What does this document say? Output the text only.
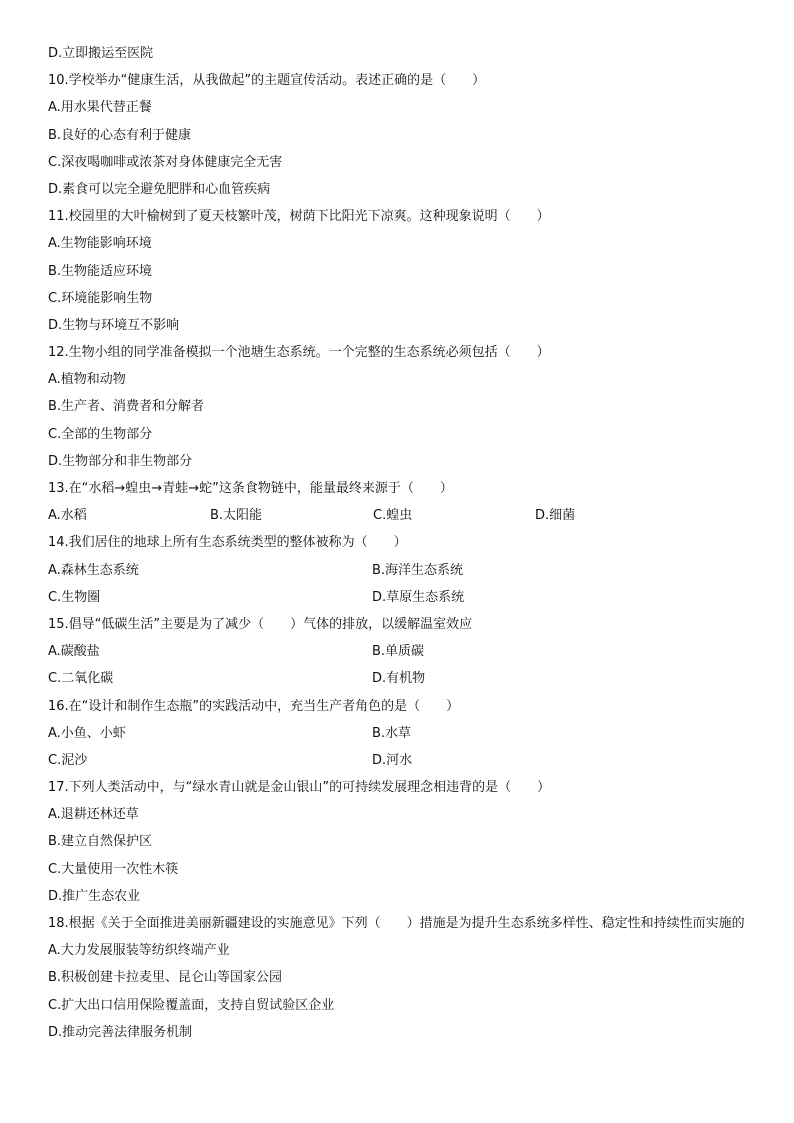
D.立即搬运至医院
10.学校举办“健康生活，从我做起”的主题宣传活动。表述正确的是（　　）
A.用水果代替正餐
B.良好的心态有利于健康
C.深夜喝咖啡或浓茶对身体健康完全无害
D.素食可以完全避免肥胖和心血管疾病
11.校园里的大叶榆树到了夏天枝繁叶茂，树荫下比阳光下凉爽。这种现象说明（　　）
A.生物能影响环境
B.生物能适应环境
C.环境能影响生物
D.生物与环境互不影响
12.生物小组的同学准备模拟一个池塘生态系统。一个完整的生态系统必须包括（　　）
A.植物和动物
B.生产者、消费者和分解者
C.全部的生物部分
D.生物部分和非生物部分
13.在“水稻→蝗虫→青蛙→蛇”这条食物链中，能量最终来源于（　　）
A.水稻	B.太阳能	C.蝗虫	D.细菌
14.我们居住的地球上所有生态系统类型的整体被称为（　　）
A.森林生态系统	B.海洋生态系统
C.生物圈	D.草原生态系统
15.倡导“低碳生活”主要是为了减少（　　）气体的排放，以缓解温室效应
A.碳酸盐	B.单质碳
C.二氧化碳	D.有机物
16.在“设计和制作生态瓶”的实践活动中，充当生产者角色的是（　　）
A.小鱼、小虾	B.水草
C.泥沙	D.河水
17.下列人类活动中，与“绿水青山就是金山银山”的可持续发展理念相违背的是（　　）
A.退耕还林还草
B.建立自然保护区
C.大量使用一次性木筷
D.推广生态农业
18.根据《关于全面推进美丽新疆建设的实施意见》下列（　　）措施是为提升生态系统多样性、稳定性和持续性而实施的
A.大力发展服装等纺织终端产业
B.积极创建卡拉麦里、昆仑山等国家公园
C.扩大出口信用保险覆盖面，支持自贸试验区企业
D.推动完善法律服务机制
